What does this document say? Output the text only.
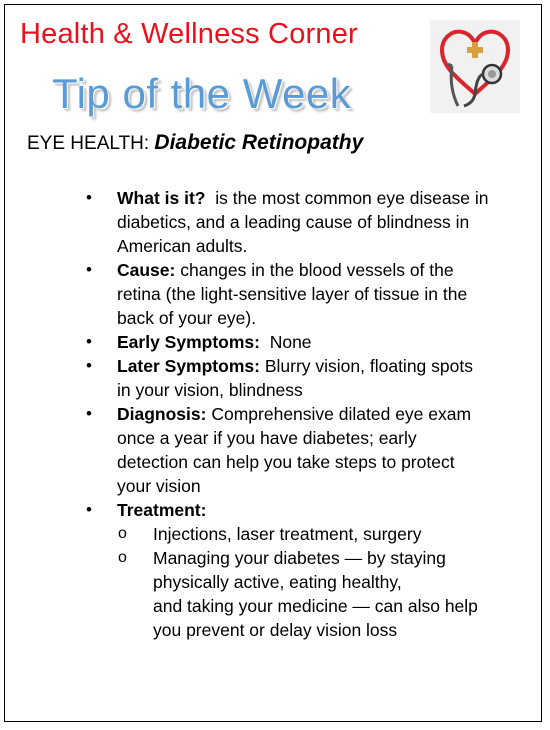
Health & Wellness Corner
Tip of the Week

EYE HEALTH: Diabetic Retinopathy

• What is it? is the most common eye disease in
diabetics, and a leading cause of blindness in
American adults.
• Cause: changes in the blood vessels of the
retina (the light-sensitive layer of tissue in the
back of your eye).
• Early Symptoms: None
• Later Symptoms: Blurry vision, floating spots
in your vision, blindness
• Diagnosis: Comprehensive dilated eye exam
once a year if you have diabetes; early
detection can help you take steps to protect
your vision
• Treatment:
o Injections, laser treatment, surgery
o Managing your diabetes — by staying
physically active, eating healthy,
and taking your medicine — can also help
you prevent or delay vision loss
